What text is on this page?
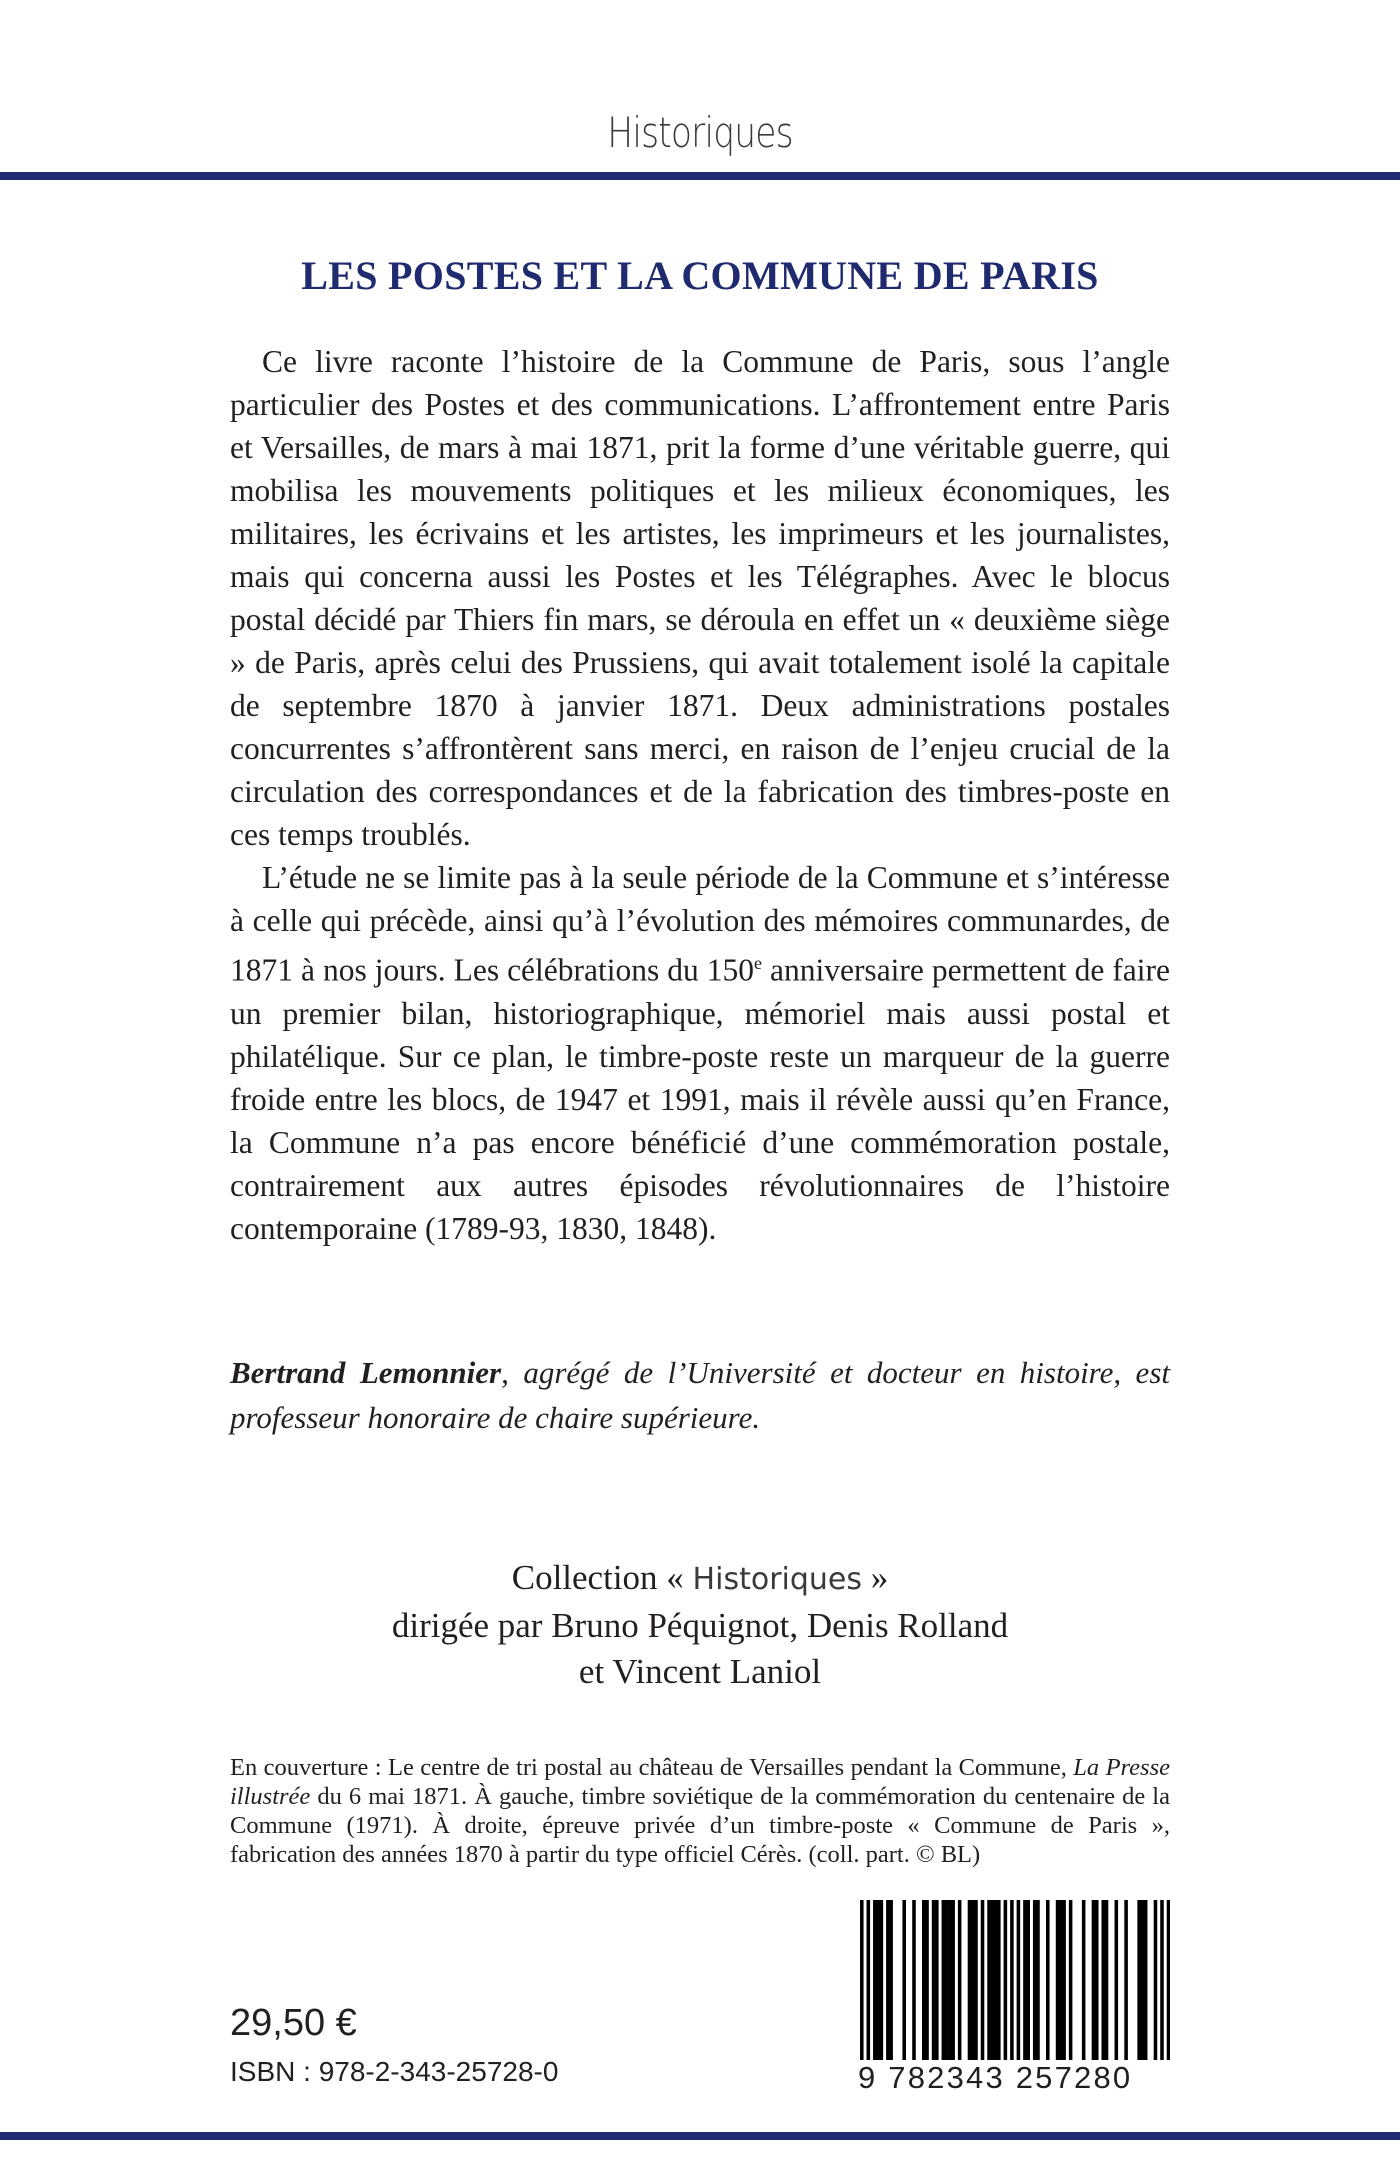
Historiques
LES POSTES ET LA COMMUNE DE PARIS

Ce livre raconte l’histoire de la Commune de Paris, sous l’angle particulier des Postes et des communications. L’affrontement entre Paris et Versailles, de mars à mai 1871, prit la forme d’une véritable guerre, qui mobilisa les mouvements politiques et les milieux économiques, les militaires, les écrivains et les artistes, les imprimeurs et les journalistes, mais qui concerna aussi les Postes et les Télégraphes. Avec le blocus postal décidé par Thiers fin mars, se déroula en effet un « deuxième siège » de Paris, après celui des Prussiens, qui avait totalement isolé la capitale de septembre 1870 à janvier 1871. Deux administrations postales concurrentes s’affrontèrent sans merci, en raison de l’enjeu crucial de la circulation des correspondances et de la fabrication des timbres-poste en ces temps troublés.

L’étude ne se limite pas à la seule période de la Commune et s’intéresse à celle qui précède, ainsi qu’à l’évolution des mémoires communardes, de 1871 à nos jours. Les célébrations du 150e anniversaire permettent de faire un premier bilan, historiographique, mémoriel mais aussi postal et philatélique. Sur ce plan, le timbre-poste reste un marqueur de la guerre froide entre les blocs, de 1947 et 1991, mais il révèle aussi qu’en France, la Commune n’a pas encore bénéficié d’une commémoration postale, contrairement aux autres épisodes révolutionnaires de l’histoire contemporaine (1789-93, 1830, 1848).

Bertrand Lemonnier, agrégé de l’Université et docteur en histoire, est professeur honoraire de chaire supérieure.

Collection « Historiques »
dirigée par Bruno Péquignot, Denis Rolland
et Vincent Laniol

En couverture : Le centre de tri postal au château de Versailles pendant la Commune, La Presse illustrée du 6 mai 1871. À gauche, timbre soviétique de la commémoration du centenaire de la Commune (1971). À droite, épreuve privée d’un timbre-poste « Commune de Paris », fabrication des années 1870 à partir du type officiel Cérès. (coll. part. © BL)

29,50 €
ISBN : 978-2-343-25728-0	9 782343 257280
